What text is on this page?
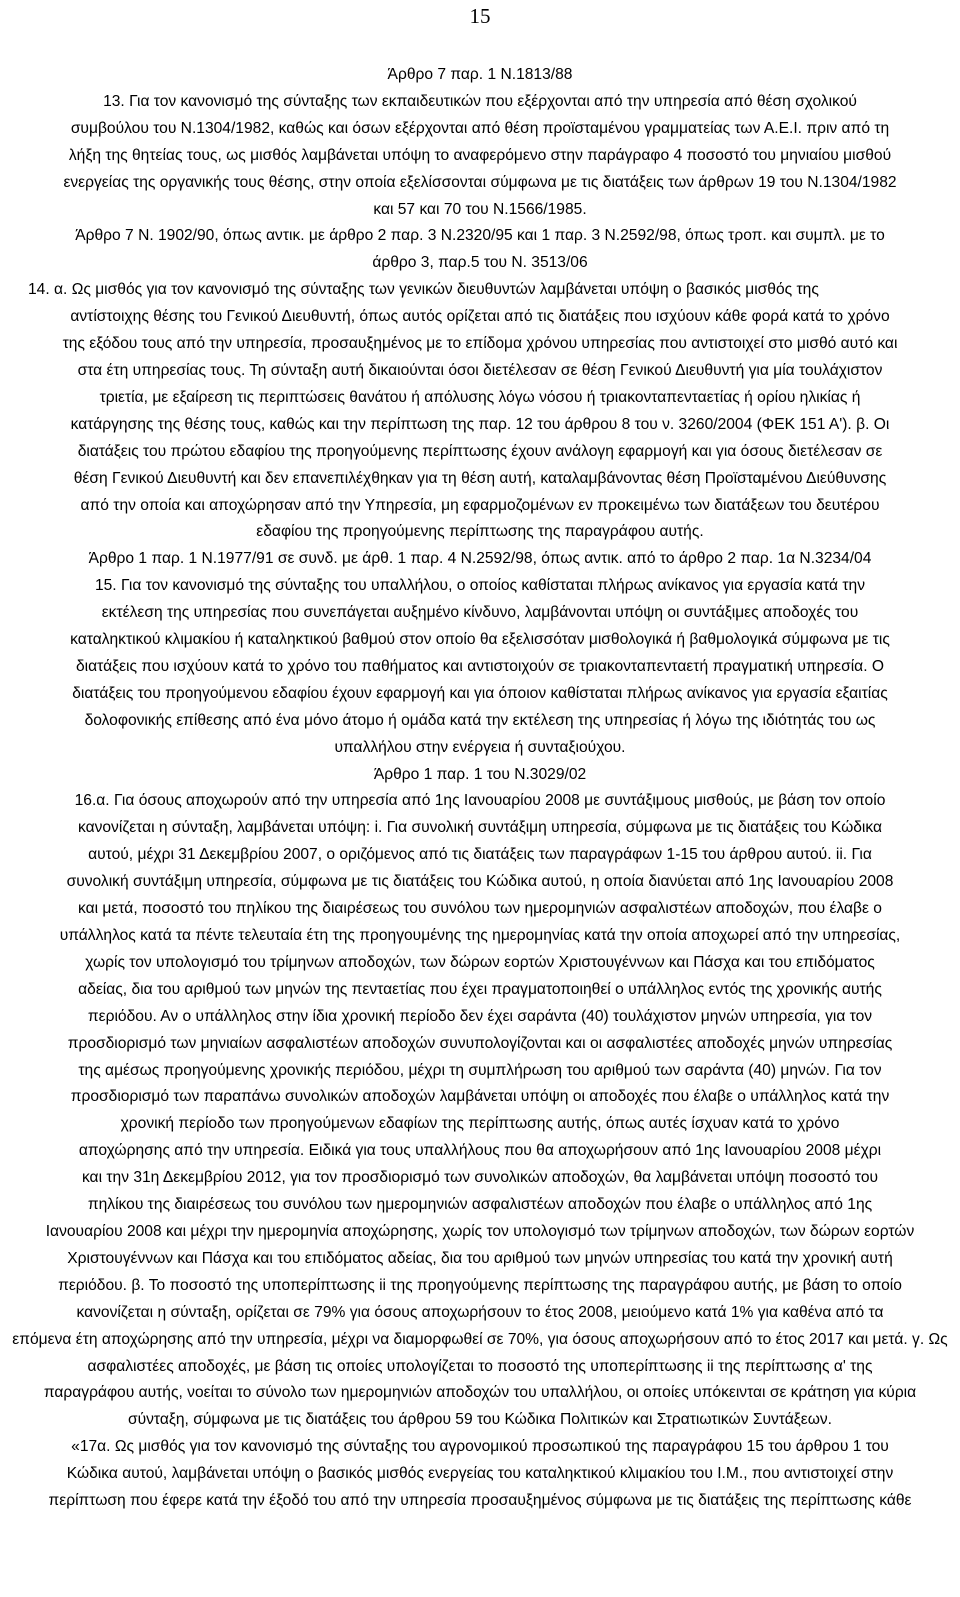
15

Άρθρο 7 παρ. 1 Ν.1813/88

13. Για τον κανονισμό της σύνταξης των εκπαιδευτικών που εξέρχονται από την υπηρεσία από θέση σχολικού

συμβούλου του Ν.1304/1982, καθώς και όσων εξέρχονται από θέση προϊσταμένου γραμματείας των Α.Ε.Ι. πριν από τη

λήξη της θητείας τους, ως μισθός λαμβάνεται υπόψη το αναφερόμενο στην παράγραφο 4 ποσοστό του μηνιαίου μισθού

ενεργείας της οργανικής τους θέσης, στην οποία εξελίσσονται σύμφωνα με τις διατάξεις των άρθρων 19 του Ν.1304/1982

και 57 και 70 του Ν.1566/1985.

Άρθρο 7 Ν. 1902/90, όπως αντικ. με άρθρο 2 παρ. 3 Ν.2320/95 και 1 παρ. 3 Ν.2592/98, όπως τροπ. και συμπλ. με το

άρθρο 3, παρ.5 του Ν. 3513/06

14. α. Ως μισθός για τον κανονισμό της σύνταξης των γενικών διευθυντών λαμβάνεται υπόψη ο βασικός μισθός της

αντίστοιχης θέσης του Γενικού Διευθυντή, όπως αυτός ορίζεται από τις διατάξεις που ισχύουν κάθε φορά κατά το χρόνο

της εξόδου τους από την υπηρεσία, προσαυξημένος με το επίδομα χρόνου υπηρεσίας που αντιστοιχεί στο μισθό αυτό και

στα έτη υπηρεσίας τους. Τη σύνταξη αυτή δικαιούνται όσοι διετέλεσαν σε θέση Γενικού Διευθυντή για μία τουλάχιστον

τριετία, με εξαίρεση τις περιπτώσεις θανάτου ή απόλυσης λόγω νόσου ή τριακονταπενταετίας ή ορίου ηλικίας ή

κατάργησης της θέσης τους, καθώς και την περίπτωση της παρ. 12 του άρθρου 8 του ν. 3260/2004 (ΦΕΚ 151 Α'). β. Οι

διατάξεις του πρώτου εδαφίου της προηγούμενης περίπτωσης έχουν ανάλογη εφαρμογή και για όσους διετέλεσαν σε

θέση Γενικού Διευθυντή και δεν επανεπιλέχθηκαν για τη θέση αυτή, καταλαμβάνοντας θέση Προϊσταμένου Διεύθυνσης

από την οποία και αποχώρησαν από την Υπηρεσία, μη εφαρμοζομένων εν προκειμένω των διατάξεων του δευτέρου

εδαφίου της προηγούμενης περίπτωσης της παραγράφου αυτής.

Άρθρο 1 παρ. 1 Ν.1977/91 σε συνδ. με άρθ. 1 παρ. 4 Ν.2592/98, όπως αντικ. από το άρθρο 2 παρ. 1α Ν.3234/04

15. Για τον κανονισμό της σύνταξης του υπαλλήλου, ο οποίος καθίσταται πλήρως ανίκανος για εργασία κατά την

εκτέλεση της υπηρεσίας που συνεπάγεται αυξημένο κίνδυνο, λαμβάνονται υπόψη οι συντάξιμες αποδοχές του

καταληκτικού κλιμακίου ή καταληκτικού βαθμού στον οποίο θα εξελισσόταν μισθολογικά ή βαθμολογικά σύμφωνα με τις

διατάξεις που ισχύουν κατά το χρόνο του παθήματος και αντιστοιχούν σε τριακονταπενταετή πραγματική υπηρεσία. Ο

διατάξεις του προηγούμενου εδαφίου έχουν εφαρμογή και για όποιον καθίσταται πλήρως ανίκανος για εργασία εξαιτίας

δολοφονικής επίθεσης από ένα μόνο άτομο ή ομάδα κατά την εκτέλεση της υπηρεσίας ή λόγω της ιδιότητάς του ως

υπαλλήλου στην ενέργεια ή συνταξιούχου.

Άρθρο 1 παρ. 1 του Ν.3029/02

16.α. Για όσους αποχωρούν από την υπηρεσία από 1ης Ιανουαρίου 2008 με συντάξιμους μισθούς, με βάση τον οποίο

κανονίζεται η σύνταξη, λαμβάνεται υπόψη: i. Για συνολική συντάξιμη υπηρεσία, σύμφωνα με τις διατάξεις του Κώδικα

αυτού, μέχρι 31 Δεκεμβρίου 2007, ο οριζόμενος από τις διατάξεις των παραγράφων 1-15 του άρθρου αυτού. ii. Για

συνολική συντάξιμη υπηρεσία, σύμφωνα με τις διατάξεις του Κώδικα αυτού, η οποία διανύεται από 1ης Ιανουαρίου 2008

και μετά, ποσοστό του πηλίκου της διαιρέσεως του συνόλου των ημερομηνιών ασφαλιστέων αποδοχών, που έλαβε ο

υπάλληλος κατά τα πέντε τελευταία έτη της προηγουμένης της ημερομηνίας κατά την οποία αποχωρεί από την υπηρεσίας,

χωρίς τον υπολογισμό του τρίμηνων αποδοχών, των δώρων εορτών Χριστουγέννων και Πάσχα και του επιδόματος

αδείας, δια του αριθμού των μηνών της πενταετίας που έχει πραγματοποιηθεί ο υπάλληλος εντός της χρονικής αυτής

περιόδου. Αν ο υπάλληλος στην ίδια χρονική περίοδο δεν έχει σαράντα (40) τουλάχιστον μηνών υπηρεσία, για τον

προσδιορισμό των μηνιαίων ασφαλιστέων αποδοχών συνυπολογίζονται και οι ασφαλιστέες αποδοχές μηνών υπηρεσίας

της αμέσως προηγούμενης χρονικής περιόδου, μέχρι τη συμπλήρωση του αριθμού των σαράντα (40) μηνών. Για τον

προσδιορισμό των παραπάνω συνολικών αποδοχών λαμβάνεται υπόψη οι αποδοχές που έλαβε ο υπάλληλος κατά την

χρονική περίοδο των προηγούμενων εδαφίων της περίπτωσης αυτής, όπως αυτές ίσχυαν κατά το χρόνο

αποχώρησης από την υπηρεσία. Ειδικά για τους υπαλλήλους που θα αποχωρήσουν από 1ης Ιανουαρίου 2008 μέχρι

και την 31η Δεκεμβρίου 2012, για τον προσδιορισμό των συνολικών αποδοχών, θα λαμβάνεται υπόψη ποσοστό του

πηλίκου της διαιρέσεως του συνόλου των ημερομηνιών ασφαλιστέων αποδοχών που έλαβε ο υπάλληλος από 1ης

Ιανουαρίου 2008 και μέχρι την ημερομηνία αποχώρησης, χωρίς τον υπολογισμό των τρίμηνων αποδοχών, των δώρων εορτών

Χριστουγέννων και Πάσχα και του επιδόματος αδείας, δια του αριθμού των μηνών υπηρεσίας του κατά την χρονική αυτή

περιόδου. β. Το ποσοστό της υποπερίπτωσης ii της προηγούμενης περίπτωσης της παραγράφου αυτής, με βάση το οποίο

κανονίζεται η σύνταξη, ορίζεται σε 79% για όσους αποχωρήσουν το έτος 2008, μειούμενο κατά 1% για καθένα από τα

επόμενα έτη αποχώρησης από την υπηρεσία, μέχρι να διαμορφωθεί σε 70%, για όσους αποχωρήσουν από το έτος 2017 και μετά. γ. Ως

ασφαλιστέες αποδοχές, με βάση τις οποίες υπολογίζεται το ποσοστό της υποπερίπτωσης ii της περίπτωσης α' της

παραγράφου αυτής, νοείται το σύνολο των ημερομηνιών αποδοχών του υπαλλήλου, οι οποίες υπόκεινται σε κράτηση για κύρια

σύνταξη, σύμφωνα με τις διατάξεις του άρθρου 59 του Κώδικα Πολιτικών και Στρατιωτικών Συντάξεων.

«17α. Ως μισθός για τον κανονισμό της σύνταξης του αγρονομικού προσωπικού της παραγράφου 15 του άρθρου 1 του

Κώδικα αυτού, λαμβάνεται υπόψη ο βασικός μισθός ενεργείας του καταληκτικού κλιμακίου του Ι.Μ., που αντιστοιχεί στην

περίπτωση που έφερε κατά την έξοδό του από την υπηρεσία προσαυξημένος σύμφωνα με τις διατάξεις της περίπτωσης κάθε
